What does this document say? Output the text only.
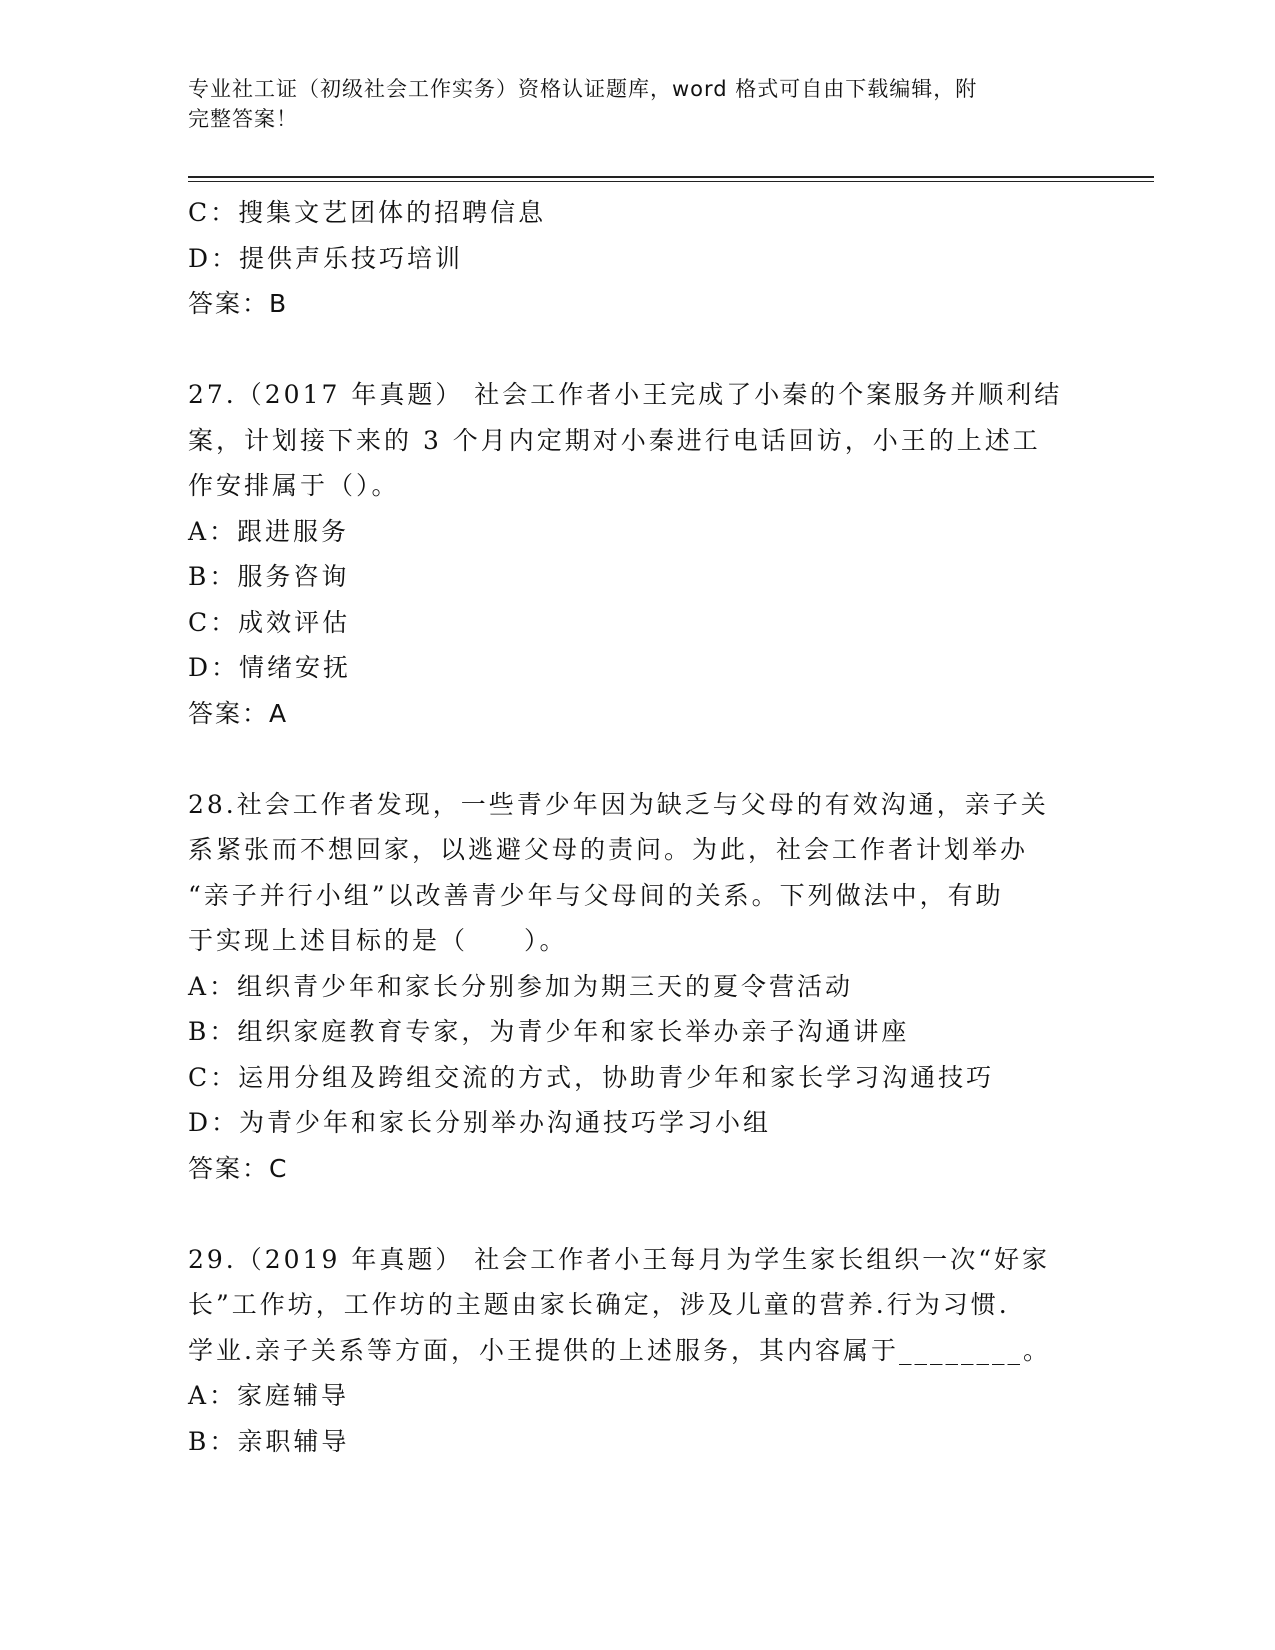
专业社工证（初级社会工作实务）资格认证题库，word 格式可自由下载编辑，附
完整答案！
C：搜集文艺团体的招聘信息
D：提供声乐技巧培训
答案：B
27.（2017 年真题） 社会工作者小王完成了小秦的个案服务并顺利结
案，计划接下来的 3 个月内定期对小秦进行电话回访，小王的上述工
作安排属于（）。
A：跟进服务
B：服务咨询
C：成效评估
D：情绪安抚
答案：A
28.社会工作者发现，一些青少年因为缺乏与父母的有效沟通，亲子关
系紧张而不想回家，以逃避父母的责问。为此，社会工作者计划举办
“亲子并行小组”以改善青少年与父母间的关系。下列做法中，有助
于实现上述目标的是（　　）。
A：组织青少年和家长分别参加为期三天的夏令营活动
B：组织家庭教育专家，为青少年和家长举办亲子沟通讲座
C：运用分组及跨组交流的方式，协助青少年和家长学习沟通技巧
D：为青少年和家长分别举办沟通技巧学习小组
答案：C
29.（2019 年真题） 社会工作者小王每月为学生家长组织一次“好家
长”工作坊，工作坊的主题由家长确定，涉及儿童的营养.行为习惯.
学业.亲子关系等方面，小王提供的上述服务，其内容属于________。
A：家庭辅导
B：亲职辅导
